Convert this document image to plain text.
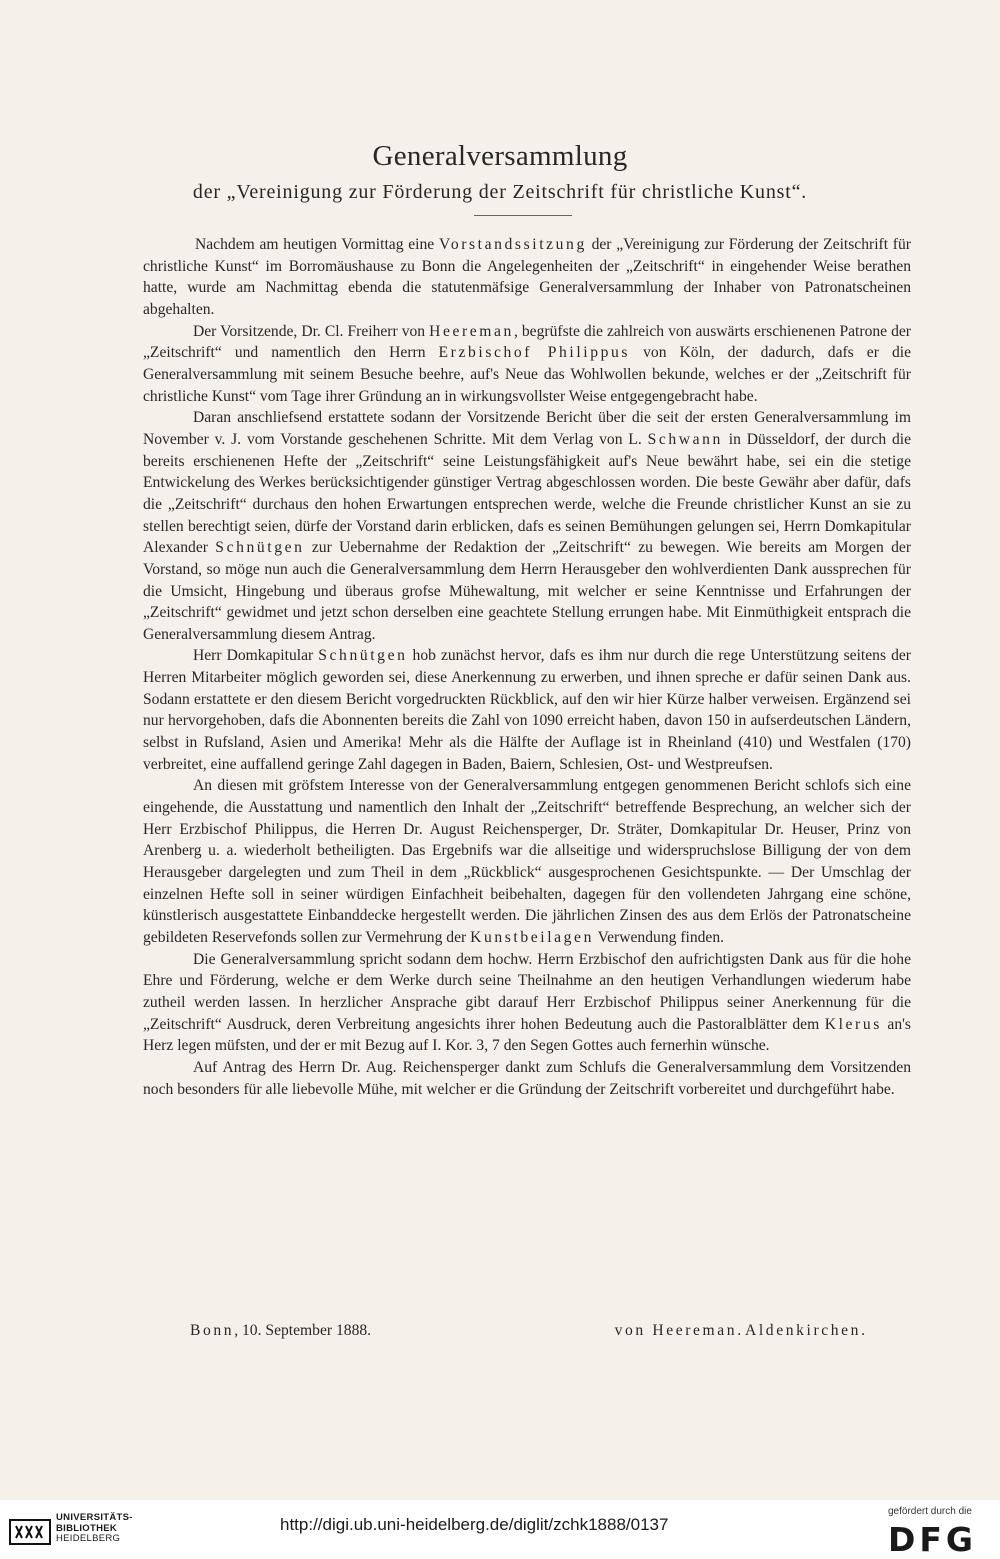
Generalversammlung
der „Vereinigung zur Förderung der Zeitschrift für christliche Kunst“.

Nachdem am heutigen Vormittag eine Vorstandssitzung der „Vereinigung zur Förderung der Zeitschrift für christliche Kunst“ im Borromäushause zu Bonn die Angelegenheiten der „Zeitschrift“ in eingehender Weise berathen hatte, wurde am Nachmittag ebenda die statutenmäfsige Generalversammlung der Inhaber von Patronatscheinen abgehalten.

Der Vorsitzende, Dr. Cl. Freiherr von Heereman, begrüfste die zahlreich von auswärts erschienenen Patrone der „Zeitschrift“ und namentlich den Herrn Erzbischof Philippus von Köln, der dadurch, dafs er die Generalversammlung mit seinem Besuche beehre, auf's Neue das Wohlwollen bekunde, welches er der „Zeitschrift für christliche Kunst“ vom Tage ihrer Gründung an in wirkungsvollster Weise entgegengebracht habe.

Daran anschliefsend erstattete sodann der Vorsitzende Bericht über die seit der ersten Generalversammlung im November v. J. vom Vorstande geschehenen Schritte. Mit dem Verlag von L. Schwann in Düsseldorf, der durch die bereits erschienenen Hefte der „Zeitschrift“ seine Leistungsfähigkeit auf's Neue bewährt habe, sei ein die stetige Entwickelung des Werkes berücksichtigender günstiger Vertrag abgeschlossen worden. Die beste Gewähr aber dafür, dafs die „Zeitschrift“ durchaus den hohen Erwartungen entsprechen werde, welche die Freunde christlicher Kunst an sie zu stellen berechtigt seien, dürfe der Vorstand darin erblicken, dafs es seinen Bemühungen gelungen sei, Herrn Domkapitular Alexander Schnütgen zur Uebernahme der Redaktion der „Zeitschrift“ zu bewegen. Wie bereits am Morgen der Vorstand, so möge nun auch die Generalversammlung dem Herrn Herausgeber den wohlverdienten Dank aussprechen für die Umsicht, Hingebung und überaus grofse Mühewaltung, mit welcher er seine Kenntnisse und Erfahrungen der „Zeitschrift“ gewidmet und jetzt schon derselben eine geachtete Stellung errungen habe. Mit Einmüthigkeit entsprach die Generalversammlung diesem Antrag.

Herr Domkapitular Schnütgen hob zunächst hervor, dafs es ihm nur durch die rege Unterstützung seitens der Herren Mitarbeiter möglich geworden sei, diese Anerkennung zu erwerben, und ihnen spreche er dafür seinen Dank aus. Sodann erstattete er den diesem Bericht vorgedruckten Rückblick, auf den wir hier Kürze halber verweisen. Ergänzend sei nur hervorgehoben, dafs die Abonnenten bereits die Zahl von 1090 erreicht haben, davon 150 in aufserdeutschen Ländern, selbst in Rufsland, Asien und Amerika! Mehr als die Hälfte der Auflage ist in Rheinland (410) und Westfalen (170) verbreitet, eine auffallend geringe Zahl dagegen in Baden, Baiern, Schlesien, Ost- und Westpreufsen.

An diesen mit gröfstem Interesse von der Generalversammlung entgegen genommenen Bericht schlofs sich eine eingehende, die Ausstattung und namentlich den Inhalt der „Zeitschrift“ betreffende Besprechung, an welcher sich der Herr Erzbischof Philippus, die Herren Dr. August Reichensperger, Dr. Sträter, Domkapitular Dr. Heuser, Prinz von Arenberg u. a. wiederholt betheiligten. Das Ergebnifs war die allseitige und widerspruchslose Billigung der von dem Herausgeber dargelegten und zum Theil in dem „Rückblick“ ausgesprochenen Gesichtspunkte. — Der Umschlag der einzelnen Hefte soll in seiner würdigen Einfachheit beibehalten, dagegen für den vollendeten Jahrgang eine schöne, künstlerisch ausgestattete Einbanddecke hergestellt werden. Die jährlichen Zinsen des aus dem Erlös der Patronatscheine gebildeten Reservefonds sollen zur Vermehrung der Kunstbeilagen Verwendung finden.

Die Generalversammlung spricht sodann dem hochw. Herrn Erzbischof den aufrichtigsten Dank aus für die hohe Ehre und Förderung, welche er dem Werke durch seine Theilnahme an den heutigen Verhandlungen wiederum habe zutheil werden lassen. In herzlicher Ansprache gibt darauf Herr Erzbischof Philippus seiner Anerkennung für die „Zeitschrift“ Ausdruck, deren Verbreitung angesichts ihrer hohen Bedeutung auch die Pastoralblätter dem Klerus an's Herz legen müfsten, und der er mit Bezug auf I. Kor. 3, 7 den Segen Gottes auch fernerhin wünsche.

Auf Antrag des Herrn Dr. Aug. Reichensperger dankt zum Schlufs die Generalversammlung dem Vorsitzenden noch besonders für alle liebevolle Mühe, mit welcher er die Gründung der Zeitschrift vorbereitet und durchgeführt habe.

Bonn, 10. September 1888.	von Heereman. Aldenkirchen.
UNIVERSITÄTS-
BIBLIOTHEK
HEIDELBERG
http://digi.ub.uni-heidelberg.de/diglit/zchk1888/0137
gefördert durch die
DFG
